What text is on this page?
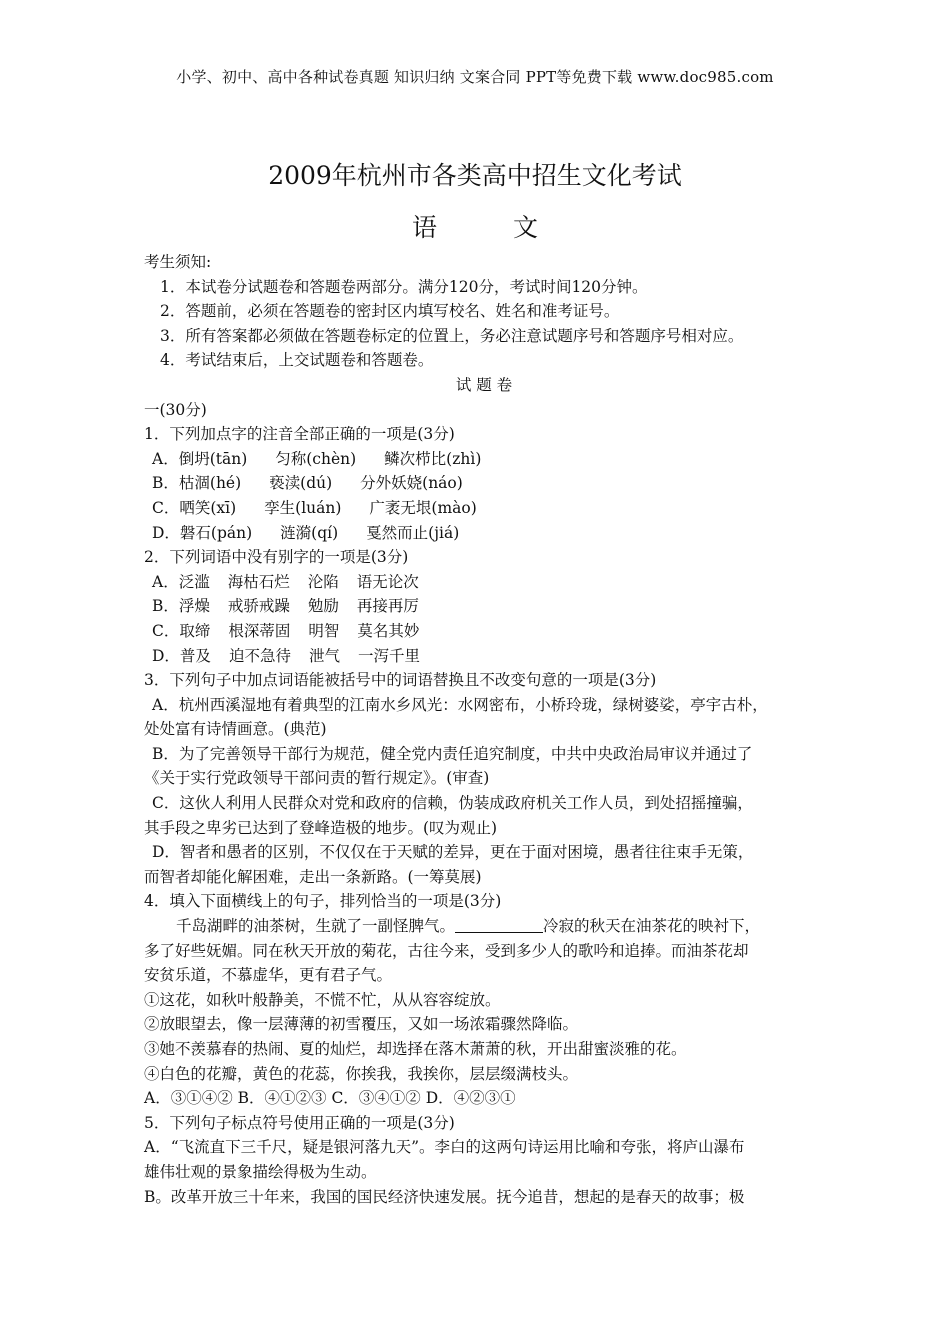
小学、初中、高中各种试卷真题 知识归纳 文案合同 PPT等免费下载 www.doc985.com
2009年杭州市各类高中招生文化考试
语	文
考生须知:
1．本试卷分试题卷和答题卷两部分。满分120分，考试时间120分钟。
2．答题前，必须在答题卷的密封区内填写校名、姓名和准考证号。
3．所有答案都必须做在答题卷标定的位置上，务必注意试题序号和答题序号相对应。
4．考试结束后，上交试题卷和答题卷。
试 题 卷
一(30分)
1．下列加点字的注音全部正确的一项是(3分)
A．倒坍(tān) 匀称(chèn) 鳞次栉比(zhì)
B．枯涸(hé) 亵渎(dú) 分外妖娆(náo)
C．哂笑(xī) 孪生(luán) 广袤无垠(mào)
D．磐石(pán) 涟漪(qí) 戛然而止(jiá)
2．下列词语中没有别字的一项是(3分)
A．泛滥 海枯石烂 沦陷 语无论次
B．浮燥 戒骄戒躁 勉励 再接再厉
C．取缔 根深蒂固 明智 莫名其妙
D．普及 迫不急待 泄气 一泻千里
3．下列句子中加点词语能被括号中的词语替换且不改变句意的一项是(3分)
A．杭州西溪湿地有着典型的江南水乡风光：水网密布，小桥玲珑，绿树婆娑，亭宇古朴，
处处富有诗情画意。(典范)
B．为了完善领导干部行为规范，健全党内责任追究制度，中共中央政治局审议并通过了
《关于实行党政领导干部问责的暂行规定》。(审查)
C．这伙人利用人民群众对党和政府的信赖，伪装成政府机关工作人员，到处招摇撞骗，
其手段之卑劣已达到了登峰造极的地步。(叹为观止)
D．智者和愚者的区别，不仅仅在于天赋的差异，更在于面对困境，愚者往往束手无策，
而智者却能化解困难，走出一条新路。(一筹莫展)
4．填入下面横线上的句子，排列恰当的一项是(3分)
千岛湖畔的油茶树，生就了一副怪脾气。	冷寂的秋天在油茶花的映衬下，
多了好些妩媚。同在秋天开放的菊花，古往今来，受到多少人的歌吟和追捧。而油茶花却
安贫乐道，不慕虚华，更有君子气。
①这花，如秋叶般静美，不慌不忙，从从容容绽放。
②放眼望去，像一层薄薄的初雪覆压，又如一场浓霜骤然降临。
③她不羡慕春的热闹、夏的灿烂，却选择在落木萧萧的秋，开出甜蜜淡雅的花。
④白色的花瓣，黄色的花蕊，你挨我，我挨你，层层缀满枝头。
A．③①④② B．④①②③ C．③④①② D．④②③①
5．下列句子标点符号使用正确的一项是(3分)
A．“飞流直下三千尺，疑是银河落九天”。李白的这两句诗运用比喻和夸张，将庐山瀑布
雄伟壮观的景象描绘得极为生动。
B。改革开放三十年来，我国的国民经济快速发展。抚今追昔，想起的是春天的故事；极
